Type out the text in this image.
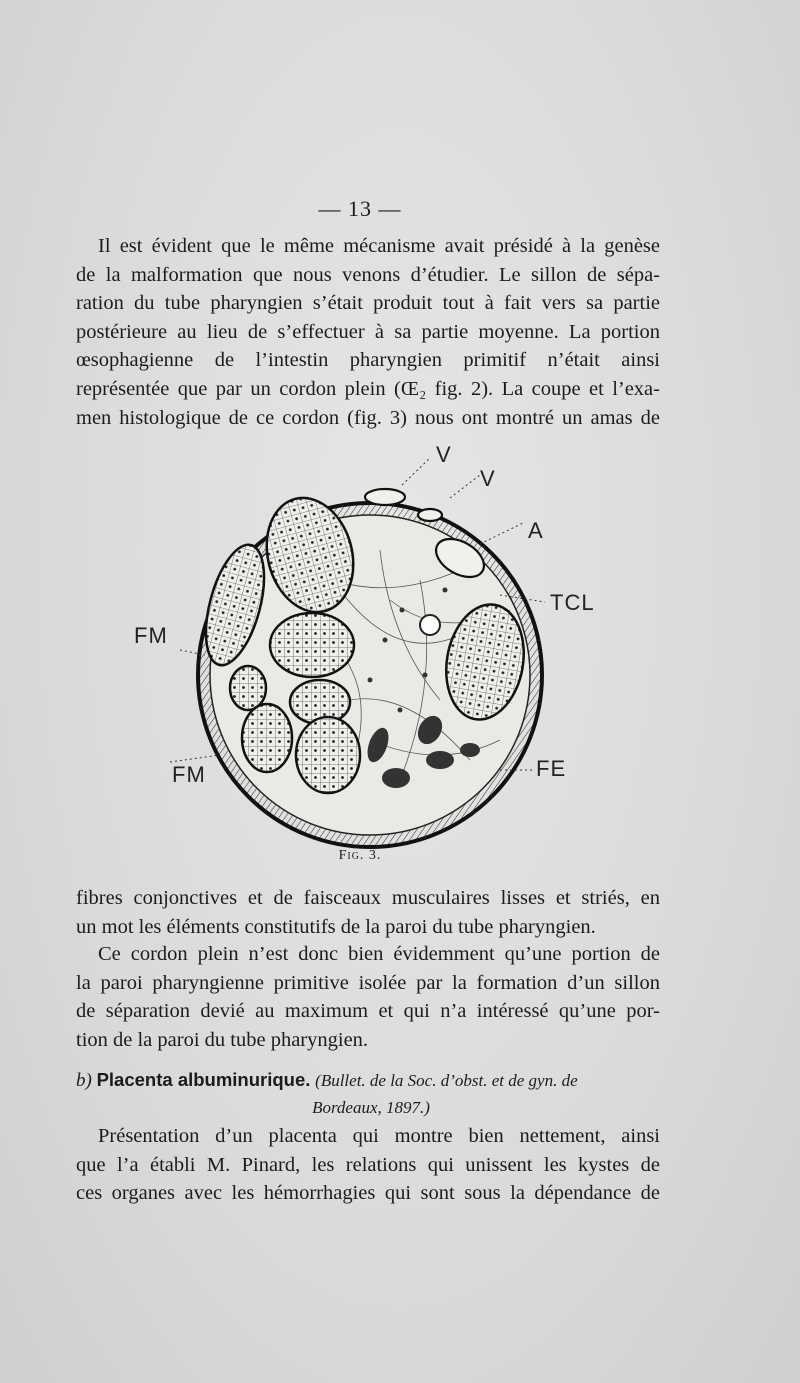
— 13 —
Il est évident que le même mécanisme avait présidé à la genèse
de la malformation que nous venons d’étudier. Le sillon de sépa-
ration du tube pharyngien s’était produit tout à fait vers sa partie
postérieure au lieu de s’effectuer à sa partie moyenne. La portion
œsophagienne de l’intestin pharyngien primitif n’était ainsi
représentée que par un cordon plein (Œ₂ fig. 2). La coupe et l’exa-
men histologique de ce cordon (fig. 3) nous ont montré un amas de
V
V
A
TCL
FM
FM	FE
Fig. 3.
fibres conjonctives et de faisceaux musculaires lisses et striés, en
un mot les éléments constitutifs de la paroi du tube pharyngien.
Ce cordon plein n’est donc bien évidemment qu’une portion de
la paroi pharyngienne primitive isolée par la formation d’un sillon
de séparation devié au maximum et qui n’a intéressé qu’une por-
tion de la paroi du tube pharyngien.
b) Placenta albuminurique. (Bullet. de la Soc. d’obst. et de gyn. de
Bordeaux, 1897.)
Présentation d’un placenta qui montre bien nettement, ainsi
que l’a établi M. Pinard, les relations qui unissent les kystes de
ces organes avec les hémorrhagies qui sont sous la dépendance de
